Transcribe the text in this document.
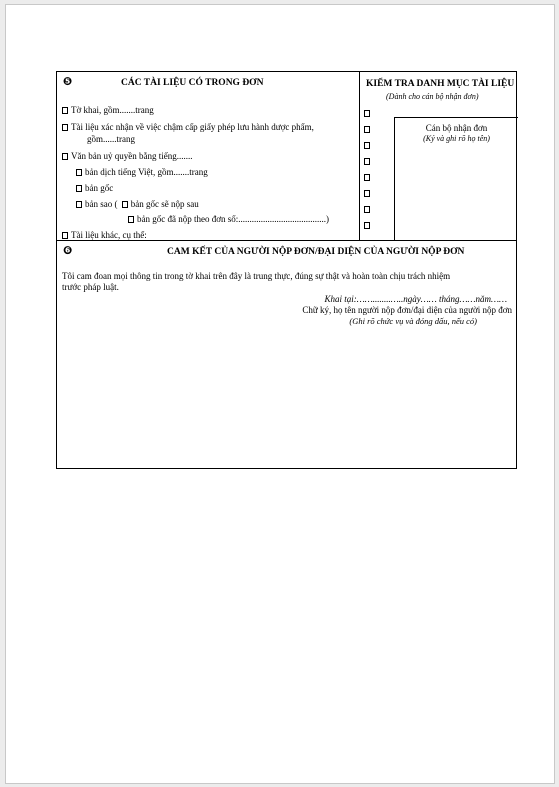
❺	CÁC TÀI LIỆU CÓ TRONG ĐƠN
Tờ khai, gồm.......trang
Tài liệu xác nhận về việc chậm cấp giấy phép lưu hành dược phẩm,
gồm......trang
Văn bản uỷ quyền bằng tiếng.......
bản dịch tiếng Việt, gồm.......trang
bản gốc
bản sao ( bản gốc sẽ nộp sau
bản gốc đã nộp theo đơn số:.......................................)
Tài liệu khác, cụ thể:
KIỂM TRA DANH MỤC TÀI LIỆU
(Dành cho cán bộ nhận đơn)
Cán bộ nhận đơn
(Ký và ghi rõ họ tên)
❻	CAM KẾT CỦA NGƯỜI NỘP ĐƠN/ĐẠI DIỆN CỦA NGƯỜI NỘP ĐƠN
Tôi cam đoan mọi thông tin trong tờ khai trên đây là trung thực, đúng sự thật và hoàn toàn chịu trách nhiệm
trước pháp luật.
Khai tại:……........…..ngày…… tháng……năm……
Chữ ký, họ tên người nộp đơn/đại diện của người nộp đơn
(Ghi rõ chức vụ và đóng dấu, nếu có)
